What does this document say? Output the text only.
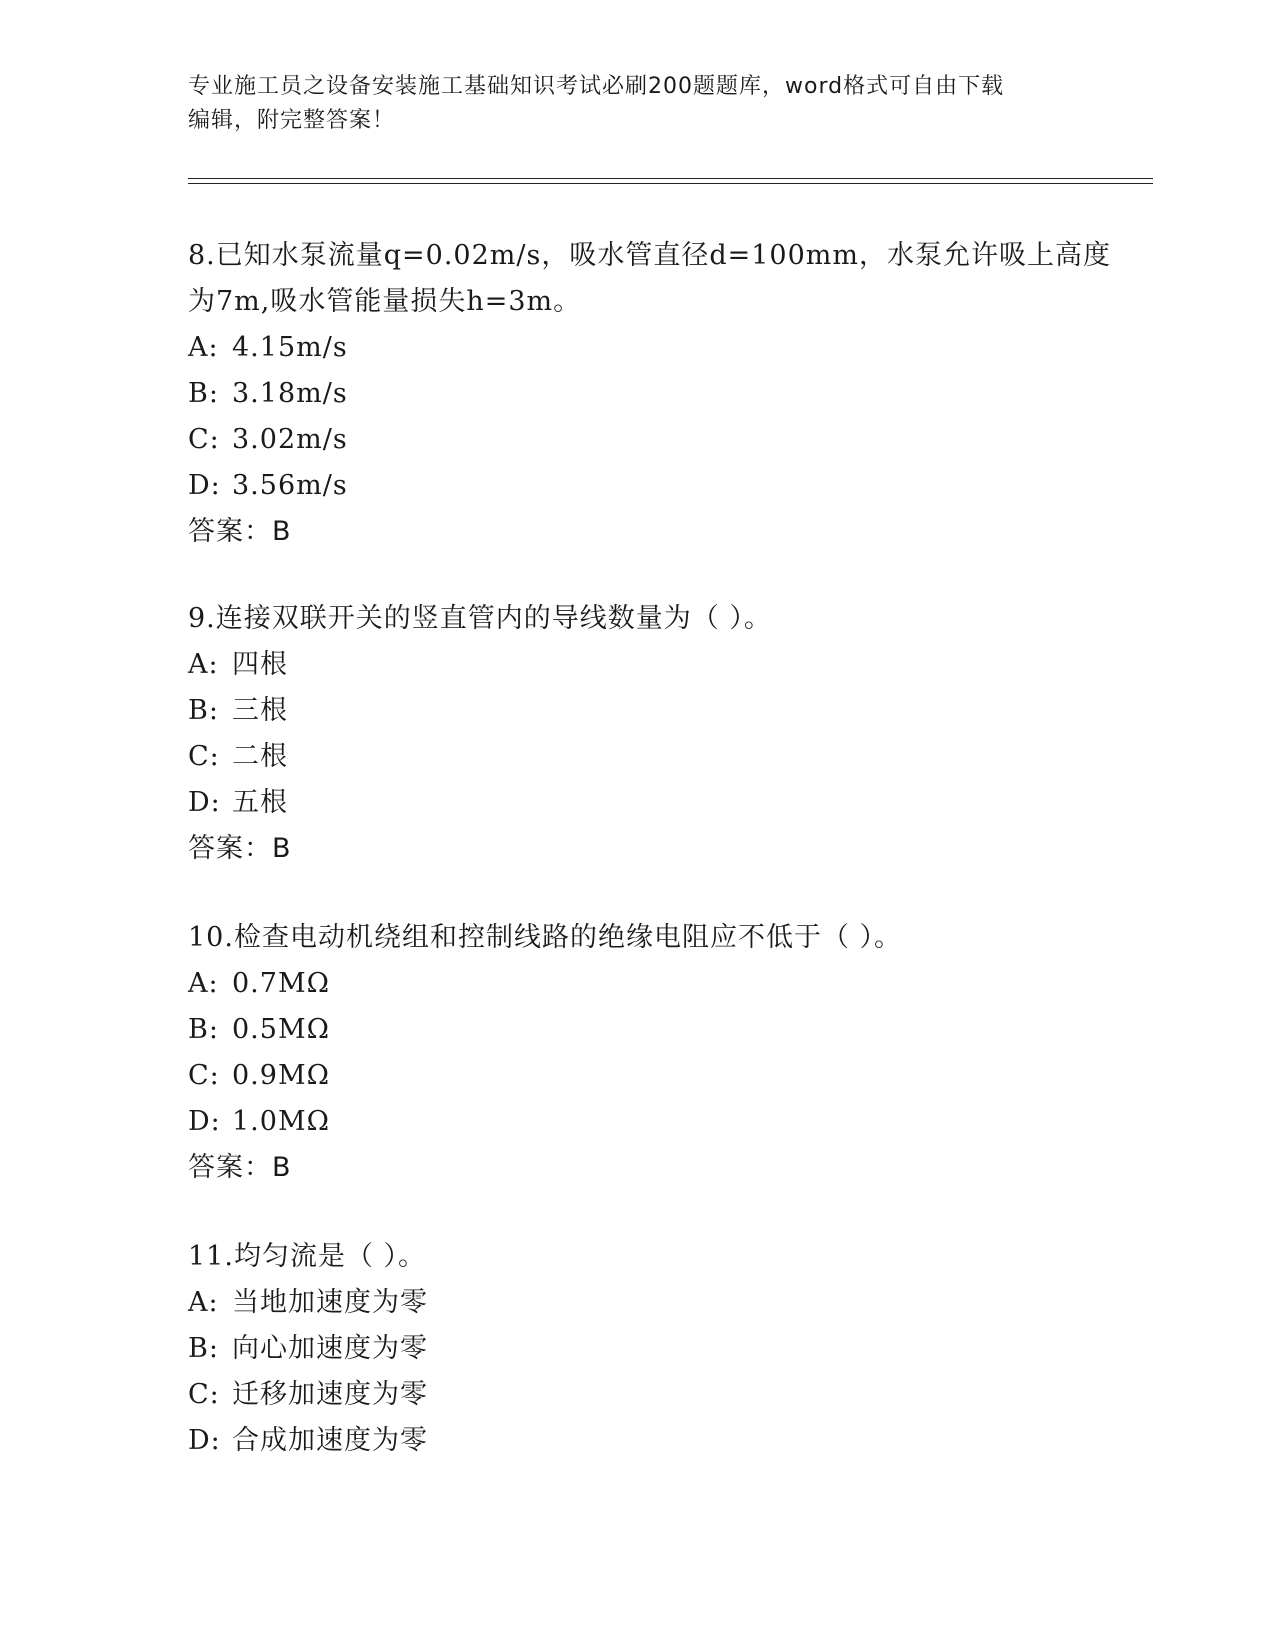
专业施工员之设备安装施工基础知识考试必刷200题题库，word格式可自由下载
编辑，附完整答案！
8.已知水泵流量q=0.02m/s，吸水管直径d=100mm，水泵允许吸上高度
为7m,吸水管能量损失h=3m。
A: 4.15m/s
B: 3.18m/s
C: 3.02m/s
D: 3.56m/s
答案：B
9.连接双联开关的竖直管内的导线数量为（ ）。
A: 四根
B: 三根
C: 二根
D: 五根
答案：B
10.检查电动机绕组和控制线路的绝缘电阻应不低于（ ）。
A: 0.7MΩ
B: 0.5MΩ
C: 0.9MΩ
D: 1.0MΩ
答案：B
11.均匀流是（ ）。
A: 当地加速度为零
B: 向心加速度为零
C: 迁移加速度为零
D: 合成加速度为零
